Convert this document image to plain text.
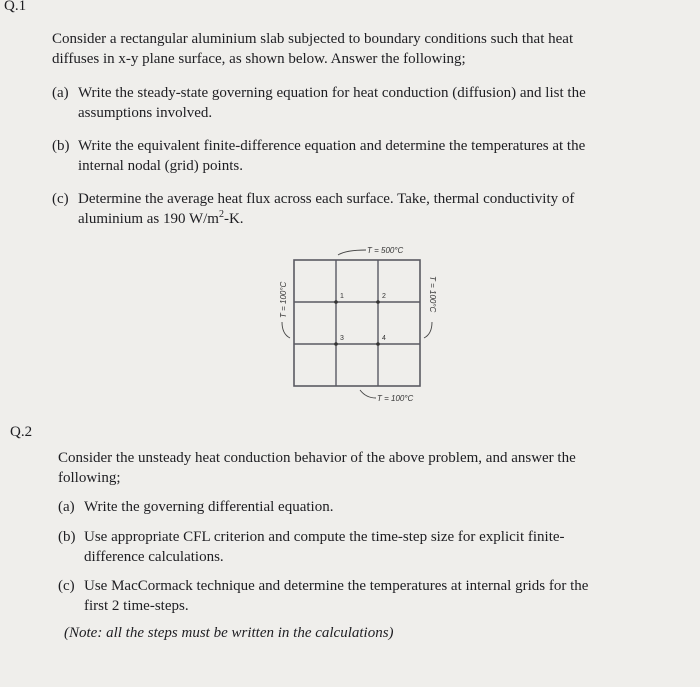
Q.1
Consider a rectangular aluminium slab subjected to boundary conditions such that heat
diffuses in x-y plane surface, as shown below. Answer the following;
(a) Write the steady-state governing equation for heat conduction (diffusion) and list the
assumptions involved.
(b) Write the equivalent finite-difference equation and determine the temperatures at the
internal nodal (grid) points.
(c) Determine the average heat flux across each surface. Take, thermal conductivity of
aluminium as 190 $W/m^2-K$.
1	2
3	4
T = 500°C
T = 100°C
T = 100°C	T = 100°C
Q.2
Consider the unsteady heat conduction behavior of the above problem, and answer the
following;
(a) Write the governing differential equation.
(b) Use appropriate CFL criterion and compute the time-step size for explicit finite-
difference calculations.
(c) Use MacCormack technique and determine the temperatures at internal grids for the
first 2 time-steps.
(Note: all the steps must be written in the calculations)
